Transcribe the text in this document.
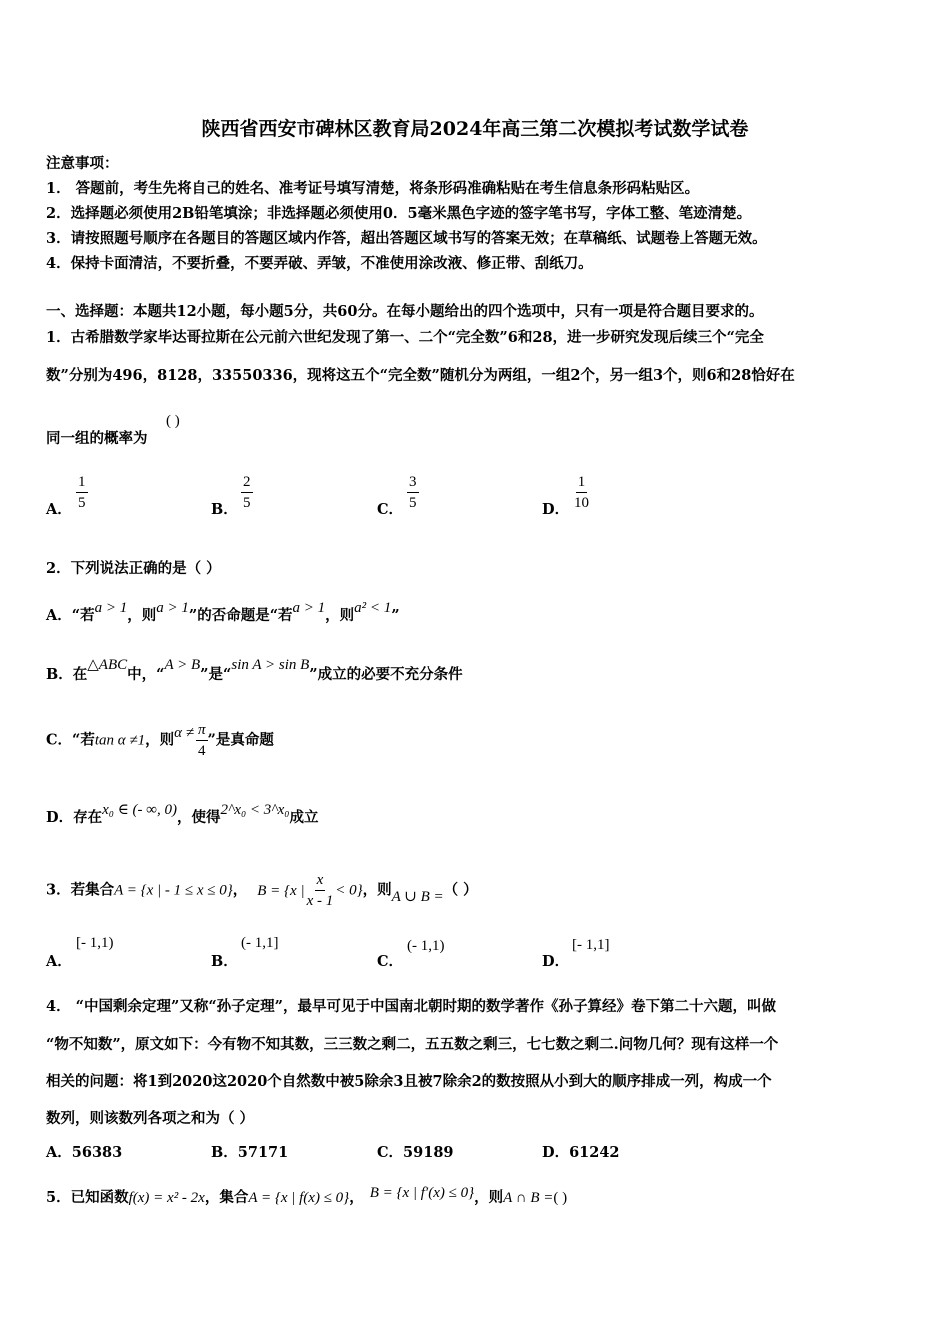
陕西省西安市碑林区教育局2024年高三第二次模拟考试数学试卷
注意事项：
1． 答题前，考生先将自己的姓名、准考证号填写清楚，将条形码准确粘贴在考生信息条形码粘贴区。
2．选择题必须使用2B铅笔填涂；非选择题必须使用0．5毫米黑色字迹的签字笔书写，字体工整、笔迹清楚。
3．请按照题号顺序在各题目的答题区域内作答，超出答题区域书写的答案无效；在草稿纸、试题卷上答题无效。
4．保持卡面清洁，不要折叠，不要弄破、弄皱，不准使用涂改液、修正带、刮纸刀。
一、选择题：本题共12小题，每小题5分，共60分。在每小题给出的四个选项中，只有一项是符合题目要求的。
1．古希腊数学家毕达哥拉斯在公元前六世纪发现了第一、二个“完全数”6和28，进一步研究发现后续三个“完全
数”分别为496，8128，33550336，现将这五个“完全数”随机分为两组，一组2个，另一组3个，则6和28恰好在
同一组的概率为
( )
A． $\frac{1}{5}$	B． $\frac{2}{5}$	C． $\frac{3}{5}$	D． $\frac{1}{10}$
2．下列说法正确的是（ ）
A．“若a > 1，则a > 1”的否命题是“若a > 1，则a² < 1”
B．在△ABC中，“A > B”是“sin A > sin B”成立的必要不充分条件
C．“若tan α ≠1，则$\alpha \ne \frac{\pi}{4}$ ”是真命题
D．存在x₀ ∈ (- ∞, 0)，使得2^x₀ < 3^x₀成立
3．若集合A = {x | - 1 ≤ x ≤ 0}， B = {x | $\frac{x}{x - 1} < 0$}，则A ∪ B =（ ）
A．
[- 1,1)
B．
(- 1,1]
C．
(- 1,1)
D．
[- 1,1]
4． “中国剩余定理”又称“孙子定理”，最早可见于中国南北朝时期的数学著作《孙子算经》卷下第二十六题，叫做
“物不知数”，原文如下：今有物不知其数，三三数之剩二，五五数之剩三，七七数之剩二.问物几何？现有这样一个
相关的问题：将1到2020这2020个自然数中被5除余3且被7除余2的数按照从小到大的顺序排成一列，构成一个
数列，则该数列各项之和为（ ）
A．56383	B．57171	C．59189	D．61242
5．已知函数f(x) = x² - 2x，集合A = {x | f(x) ≤ 0}， B = {x | f′(x) ≤ 0}，则A ∩ B =( )
